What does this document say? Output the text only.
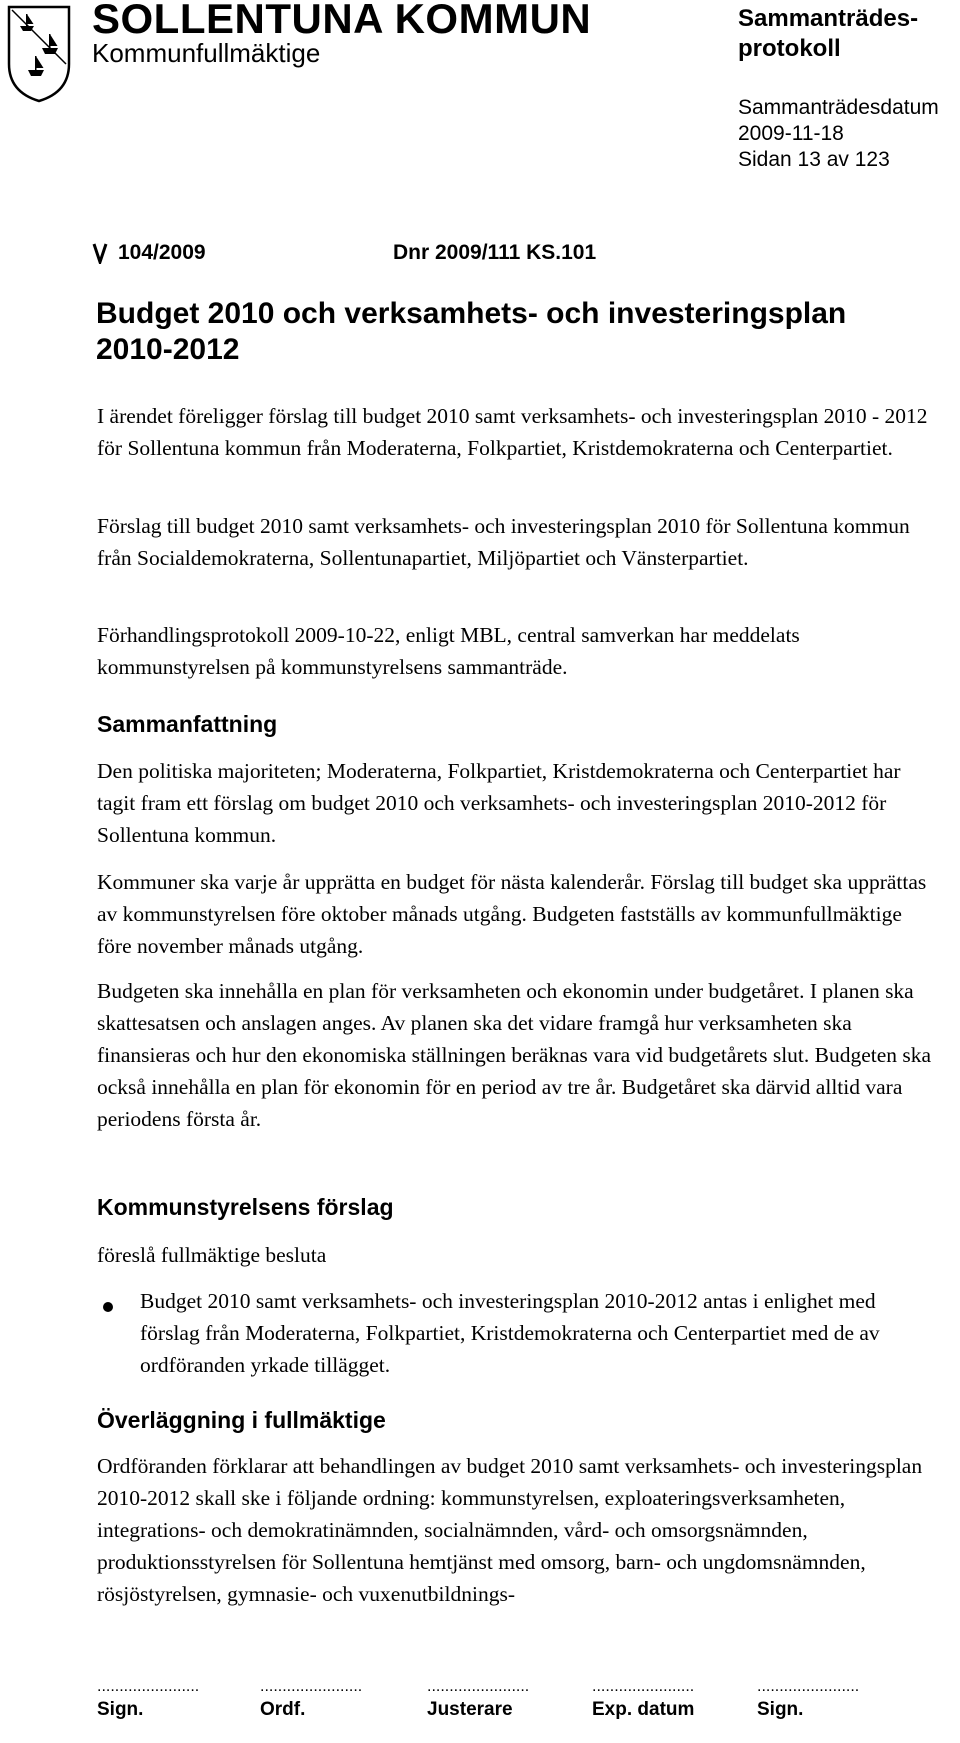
SOLLENTUNA KOMMUN
Kommunfullmäktige
Sammanträdes-
protokoll
Sammanträdesdatum
2009-11-18
Sidan 13 av 123
104/2009	Dnr 2009/111 KS.101
Budget 2010 och verksamhets- och investeringsplan 2010-2012
I ärendet föreligger förslag till budget 2010 samt verksamhets- och investeringsplan 2010 - 2012 för Sollentuna kommun från Moderaterna, Folkpartiet, Kristdemokraterna och Centerpartiet.
Förslag till budget 2010 samt verksamhets- och investeringsplan 2010 för Sollentuna kommun från Socialdemokraterna, Sollentunapartiet, Miljöpartiet och Vänsterpartiet.
Förhandlingsprotokoll 2009-10-22, enligt MBL, central samverkan har meddelats kommunstyrelsen på kommunstyrelsens sammanträde.
Sammanfattning
Den politiska majoriteten; Moderaterna, Folkpartiet, Kristdemokraterna och Centerpartiet har tagit fram ett förslag om budget 2010 och verksamhets- och investeringsplan 2010-2012 för Sollentuna kommun.
Kommuner ska varje år upprätta en budget för nästa kalenderår. Förslag till budget ska upprättas av kommunstyrelsen före oktober månads utgång. Budgeten fastställs av kommunfullmäktige före november månads utgång.
Budgeten ska innehålla en plan för verksamheten och ekonomin under budgetåret. I planen ska skattesatsen och anslagen anges. Av planen ska det vidare framgå hur verksamheten ska finansieras och hur den ekonomiska ställningen beräknas vara vid budgetårets slut. Budgeten ska också innehålla en plan för ekonomin för en period av tre år. Budgetåret ska därvid alltid vara periodens första år.
Kommunstyrelsens förslag
föreslå fullmäktige besluta
Budget 2010 samt verksamhets- och investeringsplan 2010-2012 antas i enlighet med förslag från Moderaterna, Folkpartiet, Kristdemokraterna och Centerpartiet med de av ordföranden yrkade tillägget.
Överläggning i fullmäktige
Ordföranden förklarar att behandlingen av budget 2010 samt verksamhets- och investeringsplan 2010-2012 skall ske i följande ordning: kommunstyrelsen, exploateringsverksamheten, integrations- och demokratinämnden, socialnämnden, vård- och omsorgsnämnden, produktionsstyrelsen för Sollentuna hemtjänst med omsorg, barn- och ungdomsnämnden, rösjöstyrelsen, gymnasie- och vuxenutbildnings-
.......................
Sign.
.......................
Ordf.
.......................
Justerare
.......................
Exp. datum
.......................
Sign.
